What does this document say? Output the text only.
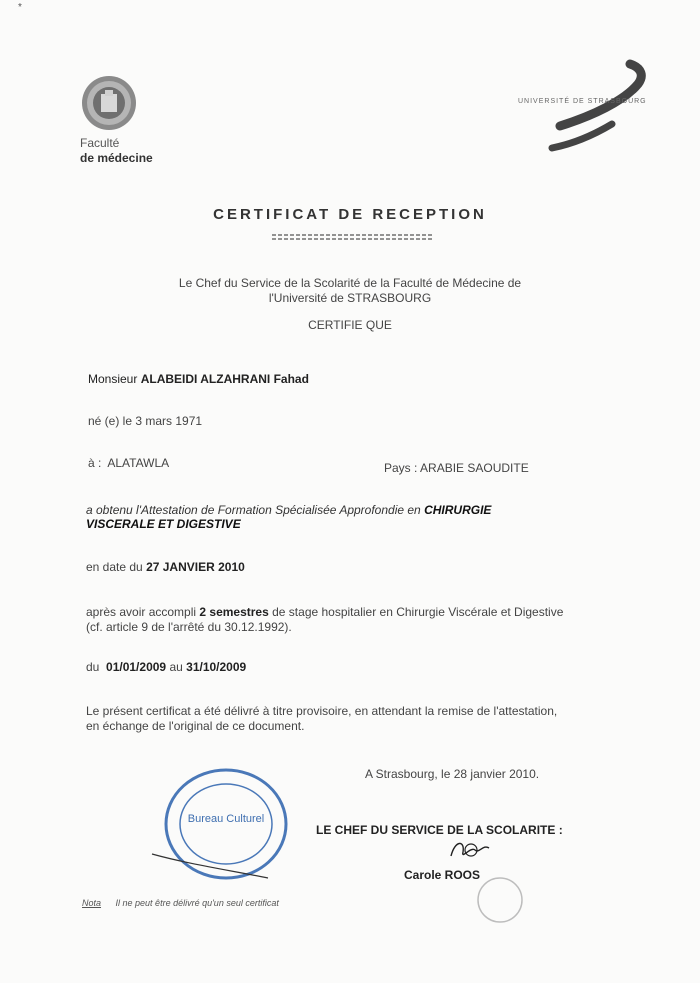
*
Faculté
de médecine
UNIVERSITÉ DE STRASBOURG
CERTIFICAT DE RECEPTION
Le Chef du Service de la Scolarité de la Faculté de Médecine de
l'Université de STRASBOURG
CERTIFIE QUE
Monsieur ALABEIDI ALZAHRANI Fahad
né (e) le 3 mars 1971
à : ALATAWLA	Pays : ARABIE SAOUDITE
a obtenu l'Attestation de Formation Spécialisée Approfondie en CHIRURGIE
VISCERALE ET DIGESTIVE
en date du 27 JANVIER 2010
après avoir accompli 2 semestres de stage hospitalier en Chirurgie Viscérale et Digestive
(cf. article 9 de l'arrêté du 30.12.1992).
du 01/01/2009 au 31/10/2009
Le présent certificat a été délivré à titre provisoire, en attendant la remise de l'attestation,
en échange de l'original de ce document.
A Strasbourg, le 28 janvier 2010.
LE CHEF DU SERVICE DE LA SCOLARITE :
Carole ROOS
Bureau Culturel
Nota Il ne peut être délivré qu'un seul certificat
